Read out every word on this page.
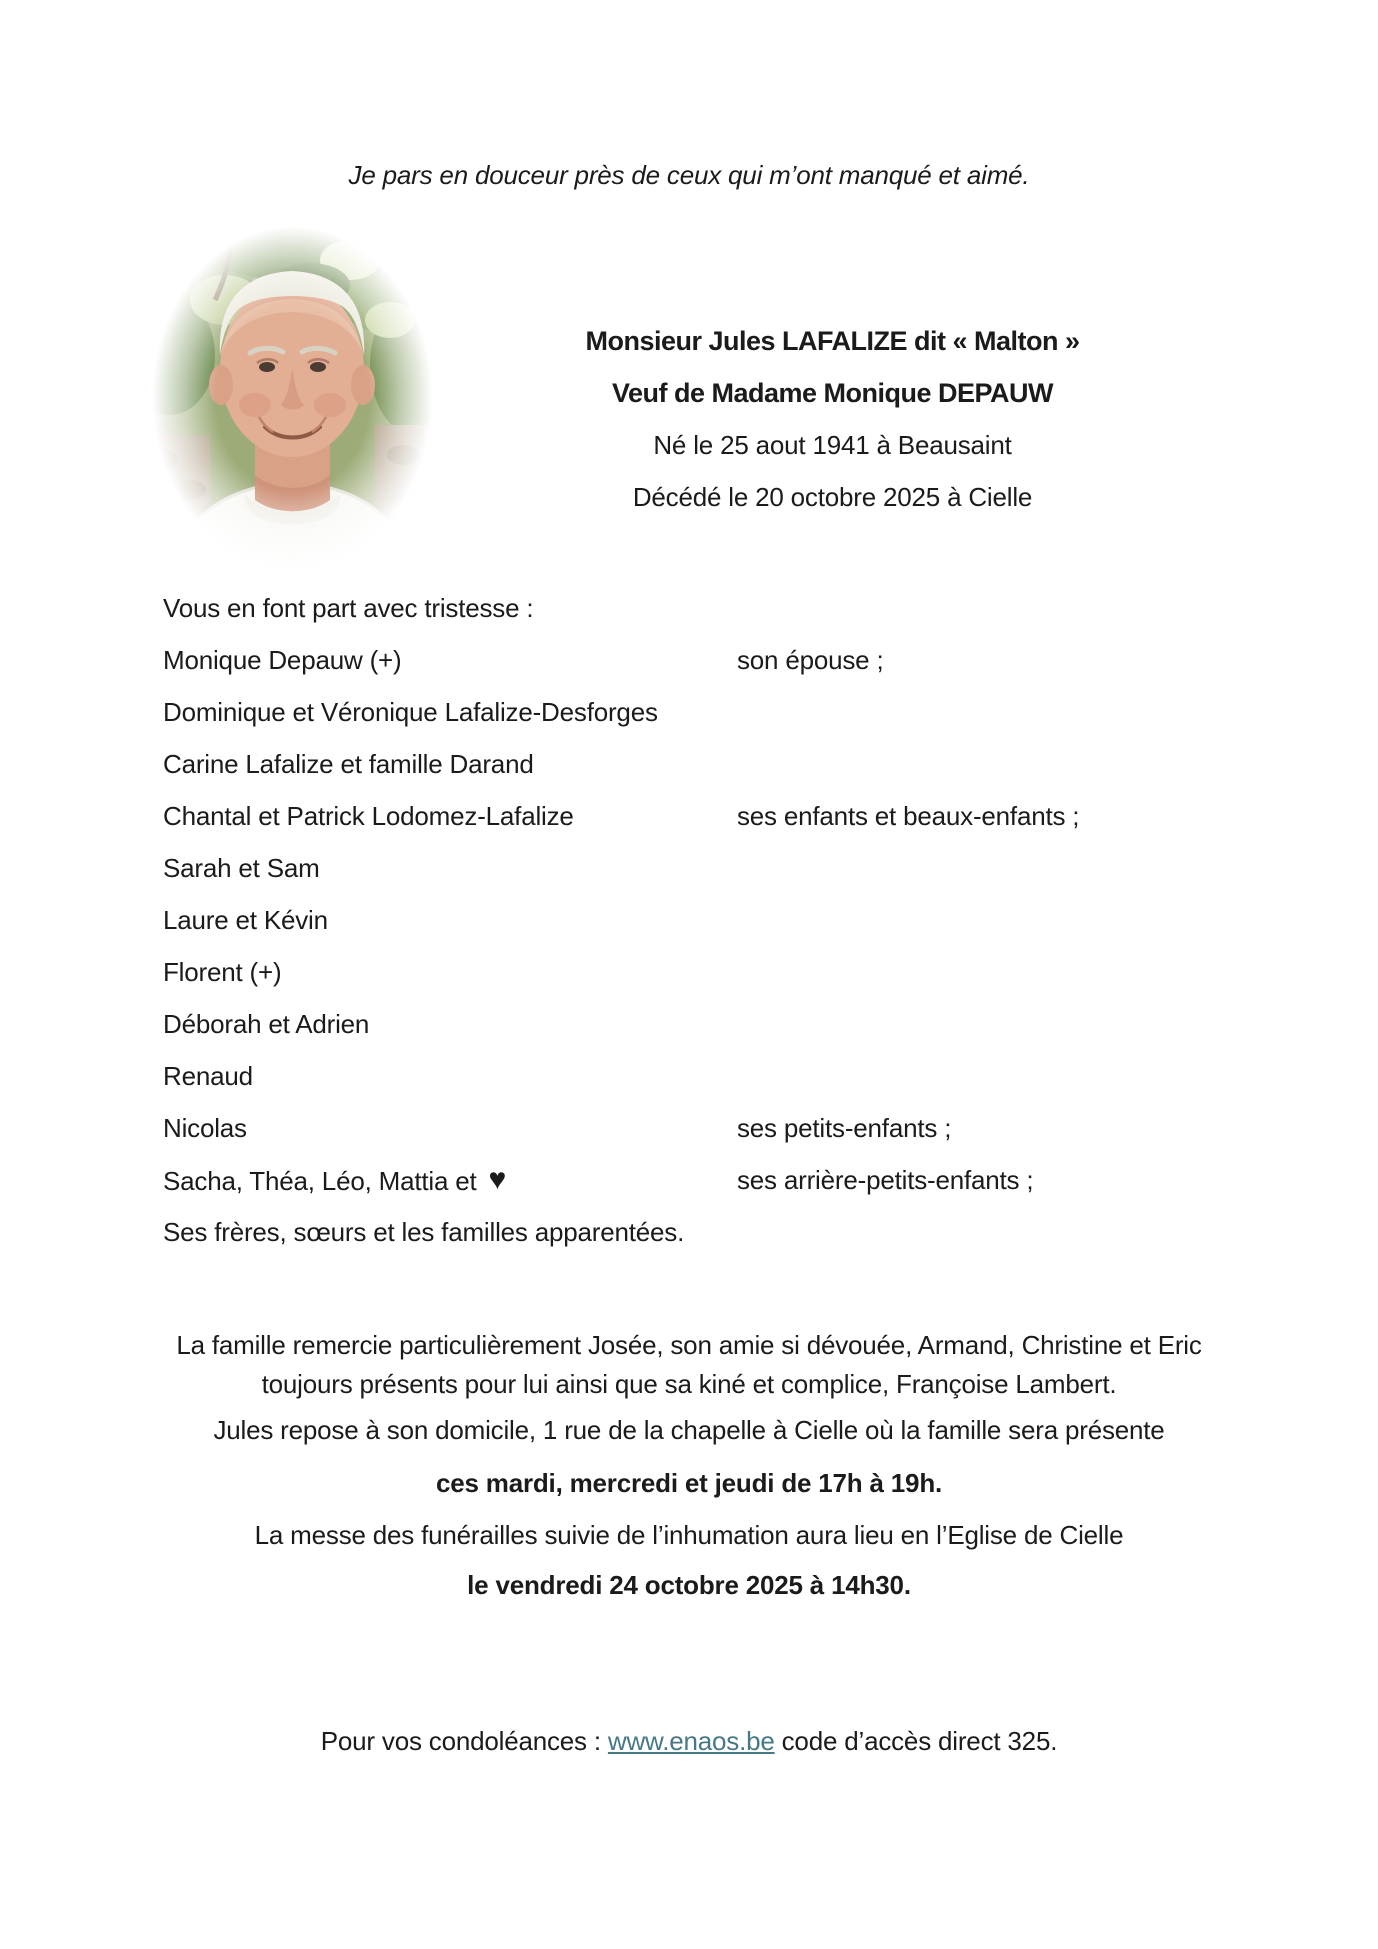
Je pars en douceur près de ceux qui m’ont manqué et aimé.
Monsieur Jules LAFALIZE dit « Malton »
Veuf de Madame Monique DEPAUW
Né le 25 aout 1941 à Beausaint
Décédé le 20 octobre 2025 à Cielle
Vous en font part avec tristesse :
Monique Depauw (+)	son épouse ;
Dominique et Véronique Lafalize-Desforges
Carine Lafalize et famille Darand
Chantal et Patrick Lodomez-Lafalize	ses enfants et beaux-enfants ;
Sarah et Sam
Laure et Kévin
Florent (+)
Déborah et Adrien
Renaud
Nicolas	ses petits-enfants ;
Sacha, Théa, Léo, Mattia et ♥	ses arrière-petits-enfants ;
Ses frères, sœurs et les familles apparentées.
La famille remercie particulièrement Josée, son amie si dévouée, Armand, Christine et Eric
toujours présents pour lui ainsi que sa kiné et complice, Françoise Lambert.
Jules repose à son domicile, 1 rue de la chapelle à Cielle où la famille sera présente
ces mardi, mercredi et jeudi de 17h à 19h.
La messe des funérailles suivie de l’inhumation aura lieu en l’Eglise de Cielle
le vendredi 24 octobre 2025 à 14h30.
Pour vos condoléances : www.enaos.be code d’accès direct 325.
